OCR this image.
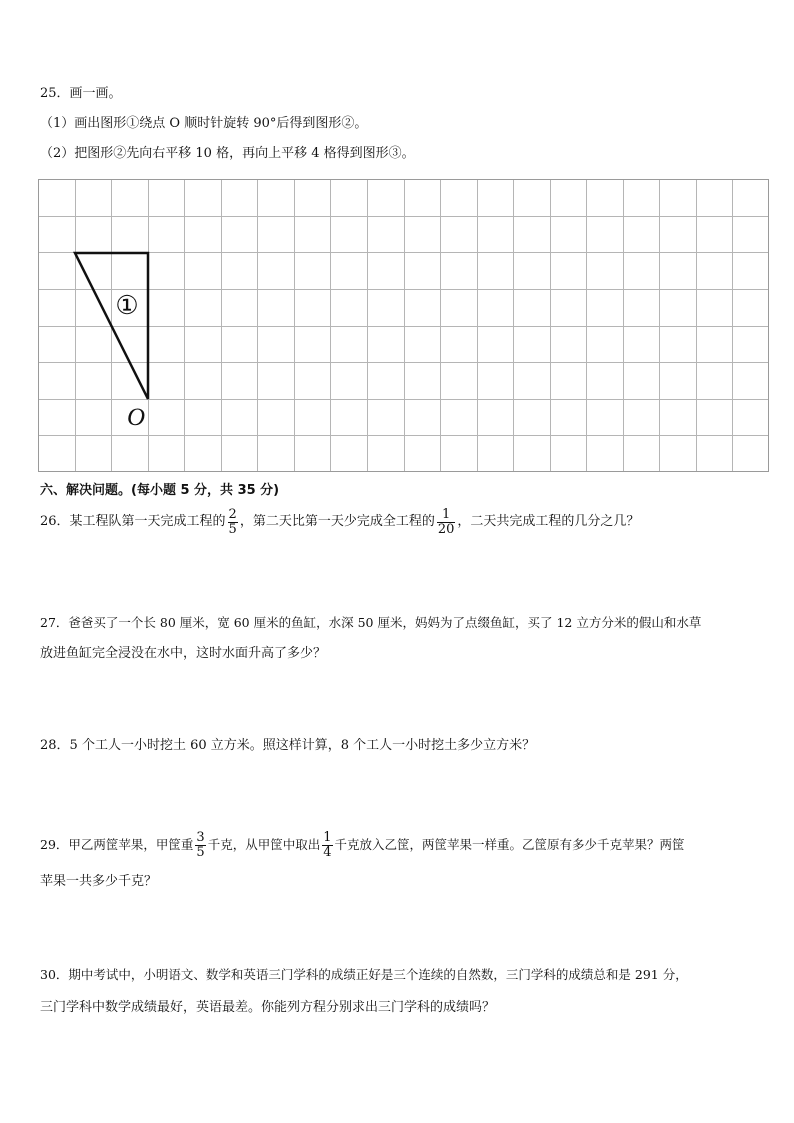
25．画一画。
（1）画出图形①绕点 O 顺时针旋转 90°后得到图形②。
（2）把图形②先向右平移 10 格，再向上平移 4 格得到图形③。
①
O
六、解决问题。(每小题 5 分，共 35 分)
26．某工程队第一天完成工程的 $\frac{2}{5}$ ，第二天比第一天少完成全工程的 $\frac{1}{20}$ ，二天共完成工程的几分之几？
27．爸爸买了一个长 80 厘米，宽 60 厘米的鱼缸，水深 50 厘米，妈妈为了点缀鱼缸，买了 12 立方分米的假山和水草
放进鱼缸完全浸没在水中，这时水面升高了多少？
28．5 个工人一小时挖土 60 立方米。照这样计算，8 个工人一小时挖土多少立方米？
29．甲乙两筐苹果，甲筐重 $\frac{3}{5}$ 千克，从甲筐中取出 $\frac{1}{4}$ 千克放入乙筐，两筐苹果一样重。乙筐原有多少千克苹果？两筐
苹果一共多少千克？
30．期中考试中，小明语文、数学和英语三门学科的成绩正好是三个连续的自然数，三门学科的成绩总和是 291 分，
三门学科中数学成绩最好，英语最差。你能列方程分别求出三门学科的成绩吗？
